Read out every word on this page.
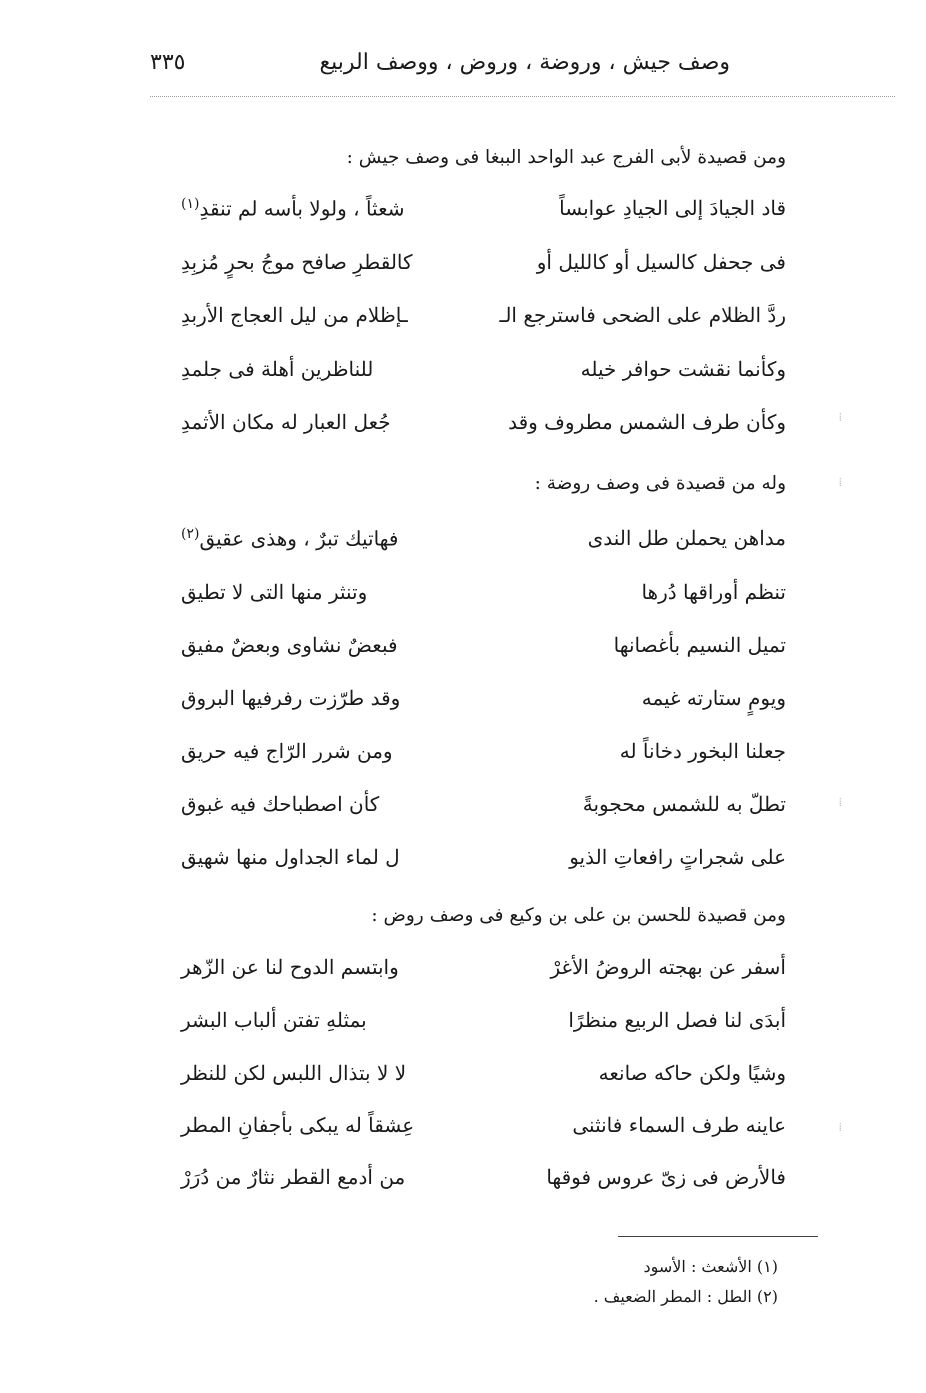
وصف جيش ، وروضة ، وروض ، ووصف الربيع
٣٣٥
ومن قصيدة لأبى الفرج عبد الواحد الببغا فى وصف جيش :
قاد الجيادَ إلى الجيادِ عوابساً
شعثاً ، ولولا بأسه لم تنقدِ$^{(١)}$
فى جحفل كالسيل أو كالليل أو
كالقطرِ صافح موجُ بحرٍ مُزبِدِ
ردَّ الظلام على الضحى فاسترجع الـ
ـإظلام من ليل العجاج الأربدِ
وكأنما نقشت حوافر خيله
للناظرين أهلة فى جلمدِ
وكأن طرف الشمس مطروف وقد
جُعل العبار له مكان الأثمدِ
وله من قصيدة فى وصف روضة :
مداهن يحملن طل الندى
فهاتيك تبرٌ ، وهذى عقيق$^{(٢)}$
تنظم أوراقها دُرها
وتنثر منها التى لا تطيق
تميل النسيم بأغصانها
فبعضٌ نشاوى وبعضٌ مفيق
ويومٍ ستارته غيمه
وقد طرّزت رفرفيها البروق
جعلنا البخور دخاناً له
ومن شرر الرّاج فيه حريق
تطلّ به للشمس محجوبةً
كأن اصطباحك فيه غبوق
على شجراتٍ رافعاتِ الذيو
ل لماء الجداول منها شهيق
ومن قصيدة للحسن بن على بن وكيع فى وصف روض :
أسفر عن بهجته الروضُ الأغرْ
وابتسم الدوح لنا عن الزّهر
أبدَى لنا فصل الربيع منظرًا
بمثلهِ تفتن ألباب البشر
وشيًا ولكن حاكه صانعه
لا لا بتذال اللبس لكن للنظر
عاينه طرف السماء فانثنى
عِشقاً له يبكى بأجفانِ المطر
فالأرض فى زىّ عروس فوقها
من أدمع القطر نثارٌ من دُرَرْ
(١) الأشعث : الأسود
(٢) الطل : المطر الضعيف .
⁞
⁞
⁞
⁞
